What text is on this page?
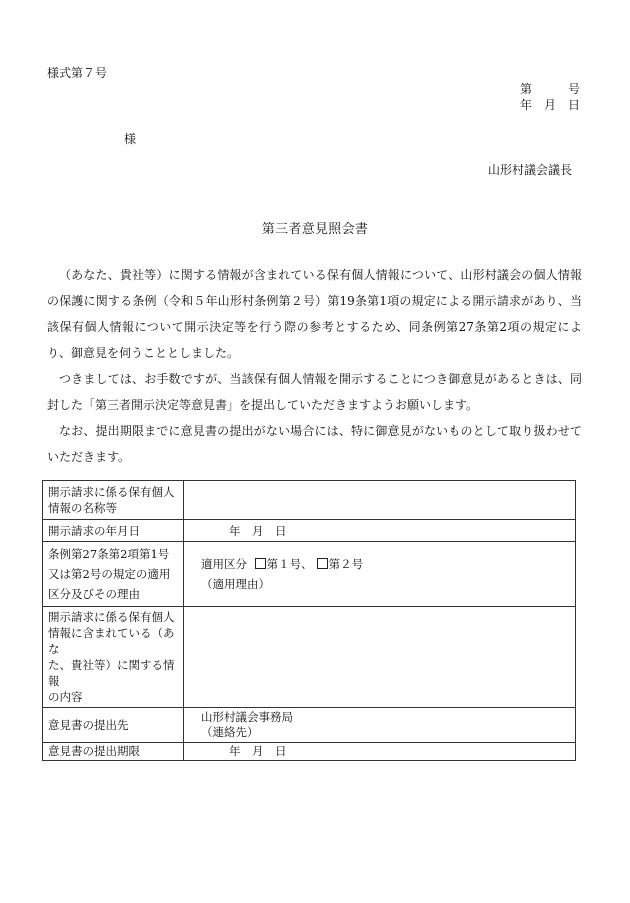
様式第７号
第　　　号
年　月　日
様
山形村議会議長
第三者意見照会書

（あなた、貴社等）に関する情報が含まれている保有個人情報について、山形村議会の個人情報の保護に関する条例（令和５年山形村条例第２号）第19条第1項の規定による開示請求があり、当該保有個人情報について開示決定等を行う際の参考とするため、同条例第27条第2項の規定により、御意見を伺うこととしました。

つきましては、お手数ですが、当該保有個人情報を開示することにつき御意見があるときは、同封した「第三者開示決定等意見書」を提出していただきますようお願いします。

なお、提出期限までに意見書の提出がない場合には、特に御意見がないものとして取り扱わせていただきます。

開示請求に係る保有個人
情報の名称等	
開示請求の年月日	年　月　日
条例第27条第2項第1号
又は第2号の規定の適用
区分及びその理由	適用区分 第１号、 第２号
（適用理由）
開示請求に係る保有個人
情報に含まれている（あな
た、貴社等）に関する情報
の内容	
意見書の提出先	山形村議会事務局
（連絡先）
意見書の提出期限	年　月　日
